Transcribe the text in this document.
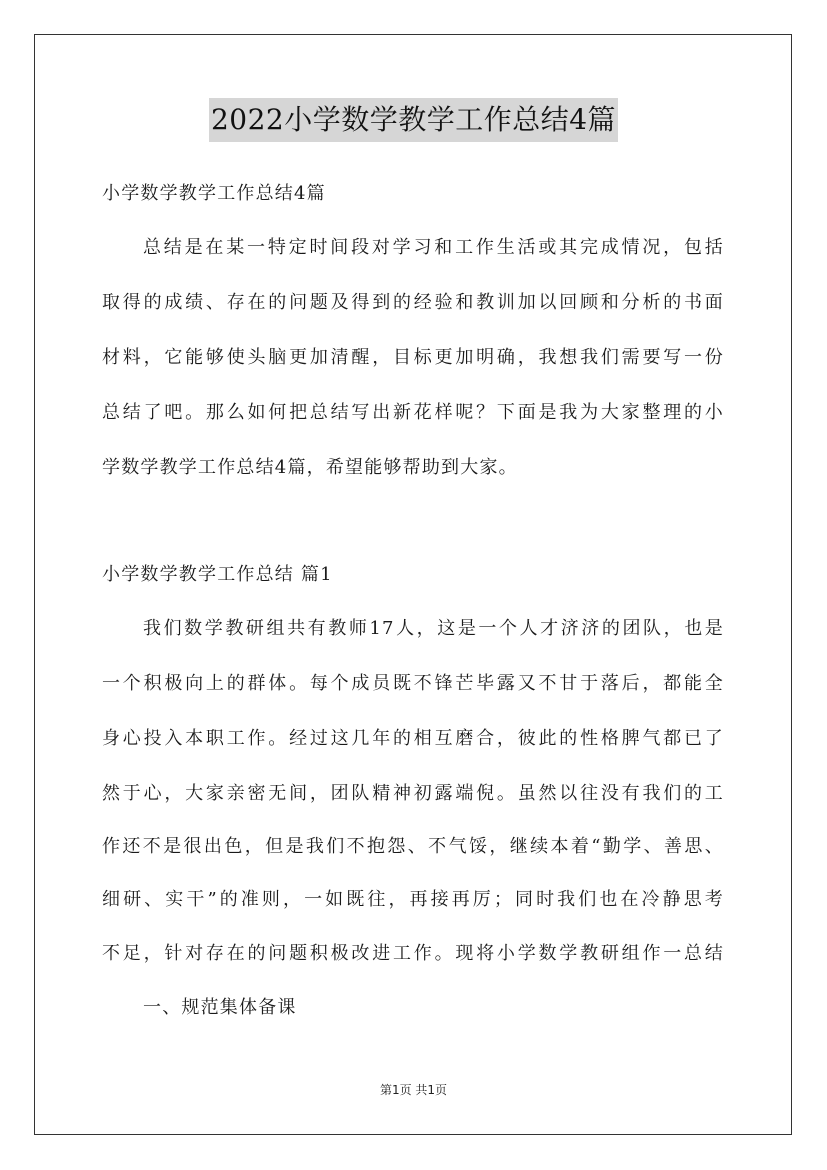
2022小学数学教学工作总结4篇
小学数学教学工作总结4篇
总结是在某一特定时间段对学习和工作生活或其完成情况，包括
取得的成绩、存在的问题及得到的经验和教训加以回顾和分析的书面
材料，它能够使头脑更加清醒，目标更加明确，我想我们需要写一份
总结了吧。那么如何把总结写出新花样呢？下面是我为大家整理的小
学数学教学工作总结4篇，希望能够帮助到大家。
小学数学教学工作总结 篇1
我们数学教研组共有教师17人，这是一个人才济济的团队，也是
一个积极向上的群体。每个成员既不锋芒毕露又不甘于落后，都能全
身心投入本职工作。经过这几年的相互磨合，彼此的性格脾气都已了
然于心，大家亲密无间，团队精神初露端倪。虽然以往没有我们的工
作还不是很出色，但是我们不抱怨、不气馁，继续本着“勤学、善思、
细研、实干”的准则，一如既往，再接再厉；同时我们也在冷静思考
不足，针对存在的问题积极改进工作。现将小学数学教研组作一总结
一、规范集体备课
第1页 共1页
